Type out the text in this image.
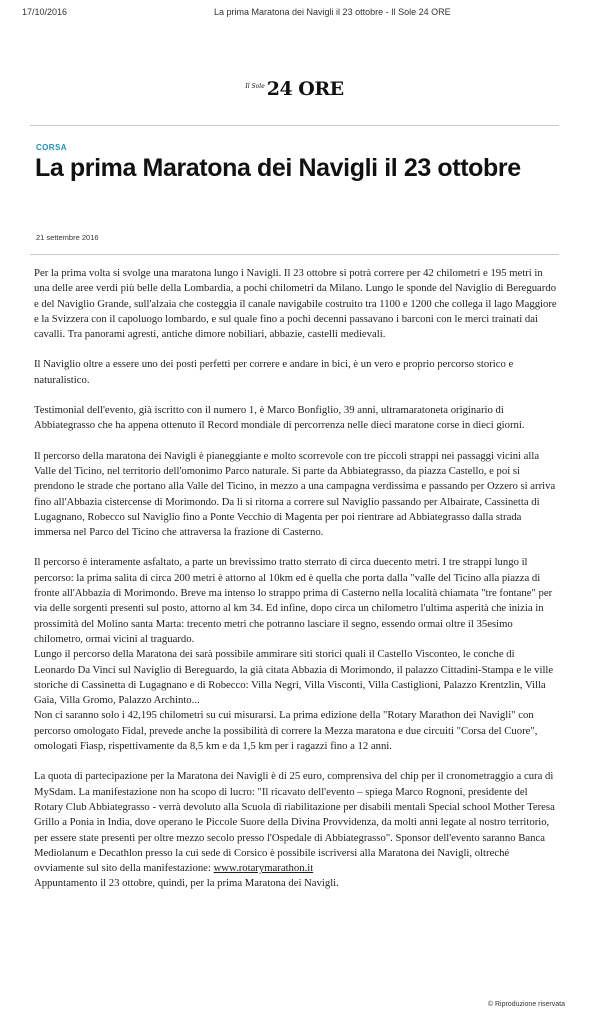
17/10/2016	La prima Maratona dei Navigli il 23 ottobre - Il Sole 24 ORE
$^{Il Sole}$ 24 ORE
CORSA
La prima Maratona dei Navigli il 23 ottobre
21 settembre 2016

Per la prima volta si svolge una maratona lungo i Navigli. Il 23 ottobre si potrà correre per 42 chilometri e 195 metri in una delle aree verdi più belle della Lombardia, a pochi chilometri da Milano. Lungo le sponde del Naviglio di Bereguardo e del Naviglio Grande, sull'alzaia che costeggia il canale navigabile costruito tra 1100 e 1200 che collega il lago Maggiore e la Svizzera con il capoluogo lombardo, e sul quale fino a pochi decenni passavano i barconi con le merci trainati dai cavalli. Tra panorami agresti, antiche dimore nobiliari, abbazie, castelli medievali.

Il Naviglio oltre a essere uno dei posti perfetti per correre e andare in bici, è un vero e proprio percorso storico e naturalistico.

Testimonial dell'evento, già iscritto con il numero 1, è Marco Bonfiglio, 39 anni, ultramaratoneta originario di Abbiategrasso che ha appena ottenuto il Record mondiale di percorrenza nelle dieci maratone corse in dieci giorni.

Il percorso della maratona dei Navigli è pianeggiante e molto scorrevole con tre piccoli strappi nei passaggi vicini alla Valle del Ticino, nel territorio dell'omonimo Parco naturale. Si parte da Abbiategrasso, da piazza Castello, e poi si prendono le strade che portano alla Valle del Ticino, in mezzo a una campagna verdissima e passando per Ozzero si arriva fino all'Abbazia cistercense di Morimondo. Da lì si ritorna a correre sul Naviglio passando per Albairate, Cassinetta di Lugagnano, Robecco sul Naviglio fino a Ponte Vecchio di Magenta per poi rientrare ad Abbiategrasso dalla strada immersa nel Parco del Ticino che attraversa la frazione di Casterno.

Il percorso è interamente asfaltato, a parte un brevissimo tratto sterrato di circa duecento metri. I tre strappi lungo il percorso: la prima salita di circa 200 metri è attorno al 10km ed è quella che porta dalla "valle del Ticino alla piazza di fronte all'Abbazia di Morimondo. Breve ma intenso lo strappo prima di Casterno nella località chiamata "tre fontane" per via delle sorgenti presenti sul posto, attorno al km 34. Ed infine, dopo circa un chilometro l'ultima asperità che inizia in prossimità del Molino santa Marta: trecento metri che potranno lasciare il segno, essendo ormai oltre il 35esimo chilometro, ormai vicini al traguardo.

Lungo il percorso della Maratona dei sarà possibile ammirare siti storici quali il Castello Visconteo, le conche di Leonardo Da Vinci sul Naviglio di Bereguardo, la già citata Abbazia di Morimondo, il palazzo Cittadini-Stampa e le ville storiche di Cassinetta di Lugagnano e di Robecco: Villa Negri, Villa Visconti, Villa Castiglioni, Palazzo Krentzlin, Villa Gaia, Villa Gromo, Palazzo Archinto...

Non ci saranno solo i 42,195 chilometri su cui misurarsi. La prima edizione della "Rotary Marathon dei Navigli" con percorso omologato Fidal, prevede anche la possibilità di correre la Mezza maratona e due circuiti "Corsa del Cuore", omologati Fiasp, rispettivamente da 8,5 km e da 1,5 km per i ragazzi fino a 12 anni.

La quota di partecipazione per la Maratona dei Navigli è di 25 euro, comprensiva del chip per il cronometraggio a cura di MySdam. La manifestazione non ha scopo di lucro: "Il ricavato dell'evento – spiega Marco Rognoni, presidente del Rotary Club Abbiategrasso - verrà devoluto alla Scuola di riabilitazione per disabili mentali Special school Mother Teresa Grillo a Ponia in India, dove operano le Piccole Suore della Divina Provvidenza, da molti anni legate al nostro territorio, per essere state presenti per oltre mezzo secolo presso l'Ospedale di Abbiategrasso". Sponsor dell'evento saranno Banca Mediolanum e Decathlon presso la cui sede di Corsico è possibile iscriversi alla Maratona dei Navigli, oltreché ovviamente sul sito della manifestazione: www.rotarymarathon.it

Appuntamento il 23 ottobre, quindi, per la prima Maratona dei Navigli.

© Riproduzione riservata
